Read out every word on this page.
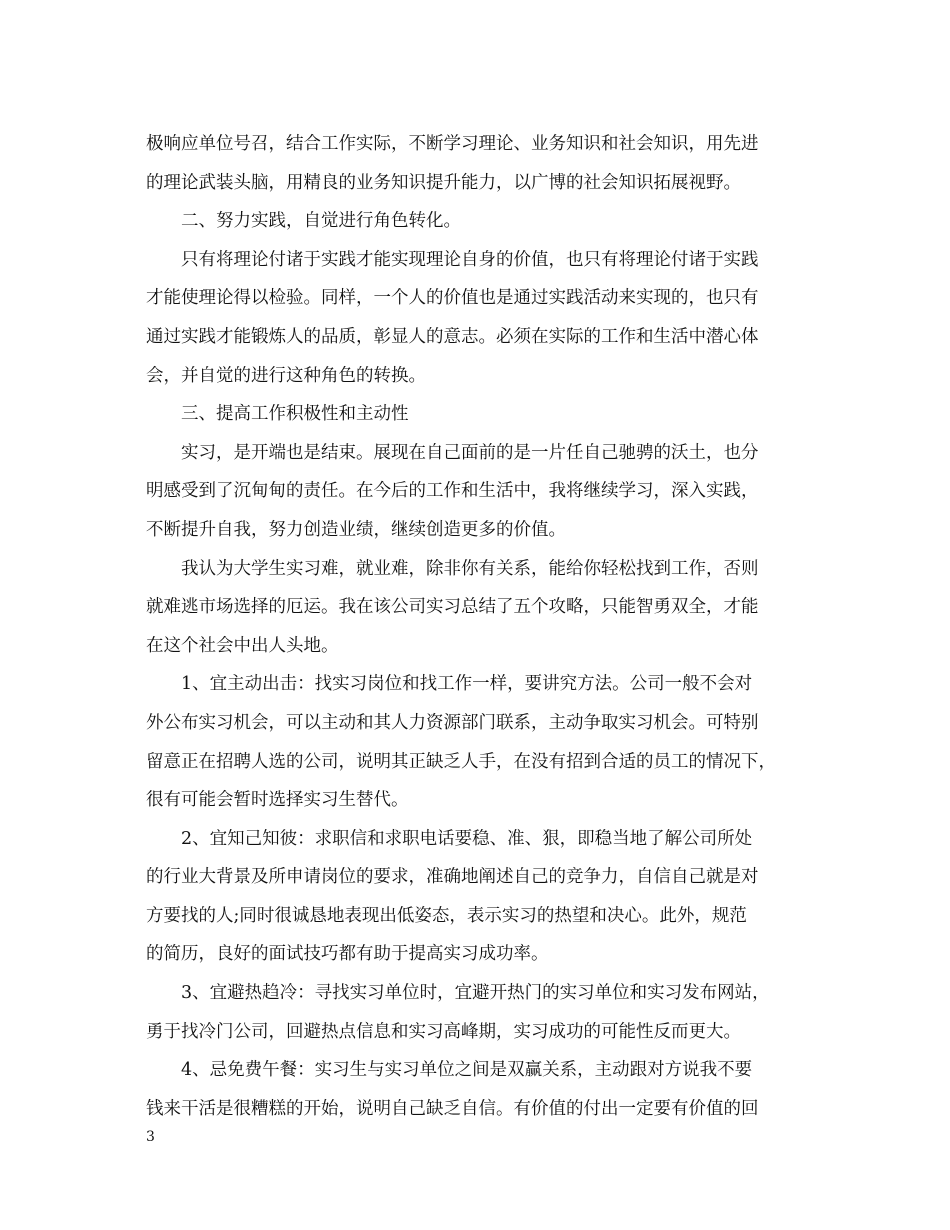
极响应单位号召，结合工作实际，不断学习理论、业务知识和社会知识，用先进
的理论武装头脑，用精良的业务知识提升能力，以广博的社会知识拓展视野。
二、努力实践，自觉进行角色转化。
只有将理论付诸于实践才能实现理论自身的价值，也只有将理论付诸于实践
才能使理论得以检验。同样，一个人的价值也是通过实践活动来实现的，也只有
通过实践才能锻炼人的品质，彰显人的意志。必须在实际的工作和生活中潜心体
会，并自觉的进行这种角色的转换。
三、提高工作积极性和主动性
实习，是开端也是结束。展现在自己面前的是一片任自己驰骋的沃土，也分
明感受到了沉甸甸的责任。在今后的工作和生活中，我将继续学习，深入实践，
不断提升自我，努力创造业绩，继续创造更多的价值。
我认为大学生实习难，就业难，除非你有关系，能给你轻松找到工作，否则
就难逃市场选择的厄运。我在该公司实习总结了五个攻略，只能智勇双全，才能
在这个社会中出人头地。
1、宜主动出击：找实习岗位和找工作一样，要讲究方法。公司一般不会对
外公布实习机会，可以主动和其人力资源部门联系，主动争取实习机会。可特别
留意正在招聘人选的公司，说明其正缺乏人手，在没有招到合适的员工的情况下，
很有可能会暂时选择实习生替代。
2、宜知己知彼：求职信和求职电话要稳、准、狠，即稳当地了解公司所处
的行业大背景及所申请岗位的要求，准确地阐述自己的竞争力，自信自己就是对
方要找的人;同时很诚恳地表现出低姿态，表示实习的热望和决心。此外，规范
的简历，良好的面试技巧都有助于提高实习成功率。
3、宜避热趋冷：寻找实习单位时，宜避开热门的实习单位和实习发布网站，
勇于找冷门公司，回避热点信息和实习高峰期，实习成功的可能性反而更大。
4、忌免费午餐：实习生与实习单位之间是双赢关系，主动跟对方说我不要
钱来干活是很糟糕的开始，说明自己缺乏自信。有价值的付出一定要有价值的回
3
